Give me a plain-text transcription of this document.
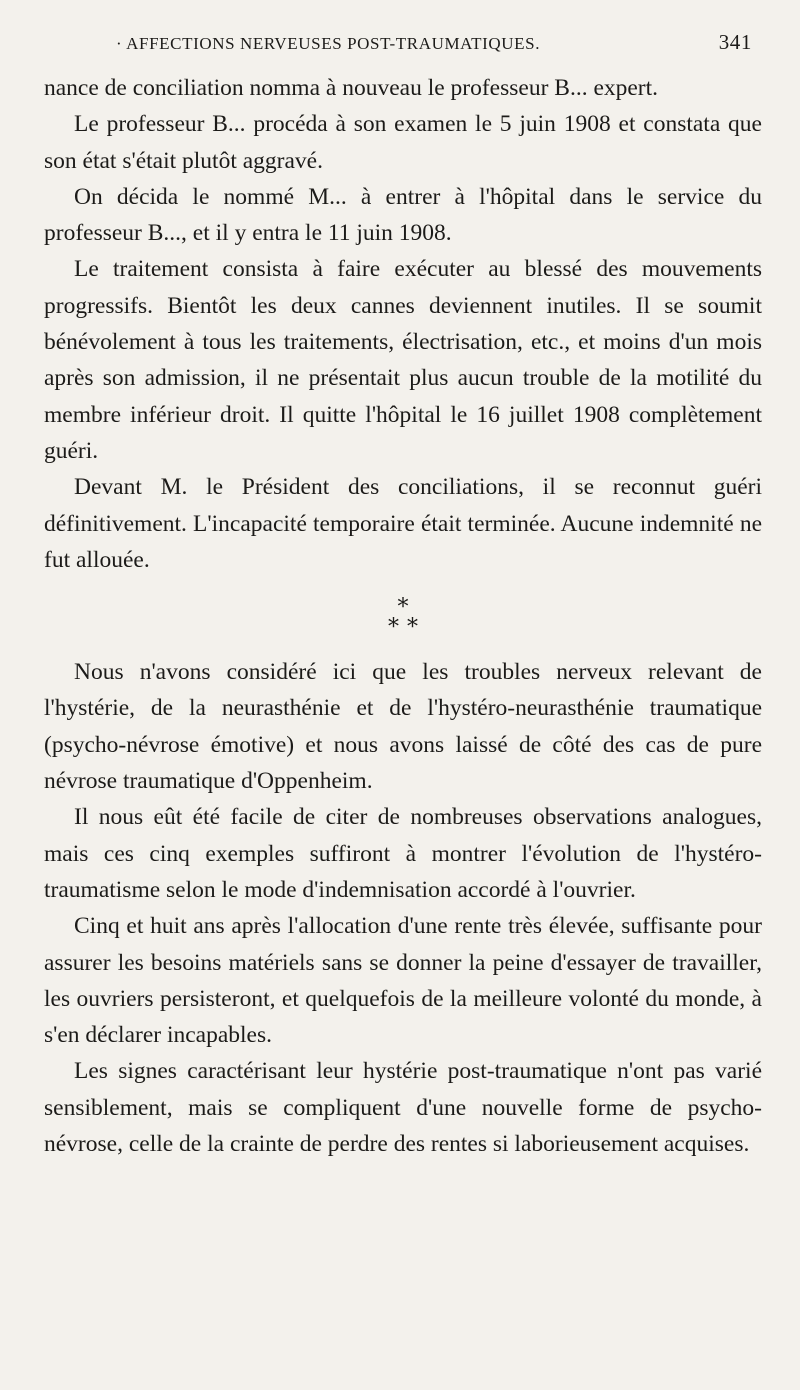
· AFFECTIONS NERVEUSES POST-TRAUMATIQUES.	341

nance de conciliation nomma à nouveau le professeur B... expert.

Le professeur B... procéda à son examen le 5 juin 1908 et constata que son état s'était plutôt aggravé.

On décida le nommé M... à entrer à l'hôpital dans le service du professeur B..., et il y entra le 11 juin 1908.

Le traitement consista à faire exécuter au blessé des mouvements progressifs. Bientôt les deux cannes deviennent inutiles. Il se soumit bénévolement à tous les traitements, électrisation, etc., et moins d'un mois après son admission, il ne présentait plus aucun trouble de la motilité du membre inférieur droit. Il quitte l'hôpital le 16 juillet 1908 complètement guéri.

Devant M. le Président des conciliations, il se reconnut guéri définitivement. L'incapacité temporaire était terminée. Aucune indemnité ne fut allouée.

*
**

Nous n'avons considéré ici que les troubles nerveux relevant de l'hystérie, de la neurasthénie et de l'hystéro-neurasthénie traumatique (psycho-névrose émotive) et nous avons laissé de côté des cas de pure névrose traumatique d'Oppenheim.

Il nous eût été facile de citer de nombreuses observations analogues, mais ces cinq exemples suffiront à montrer l'évolution de l'hystéro-traumatisme selon le mode d'indemnisation accordé à l'ouvrier.

Cinq et huit ans après l'allocation d'une rente très élevée, suffisante pour assurer les besoins matériels sans se donner la peine d'essayer de travailler, les ouvriers persisteront, et quelquefois de la meilleure volonté du monde, à s'en déclarer incapables.

Les signes caractérisant leur hystérie post-traumatique n'ont pas varié sensiblement, mais se compliquent d'une nouvelle forme de psycho-névrose, celle de la crainte de perdre des rentes si laborieusement acquises.
